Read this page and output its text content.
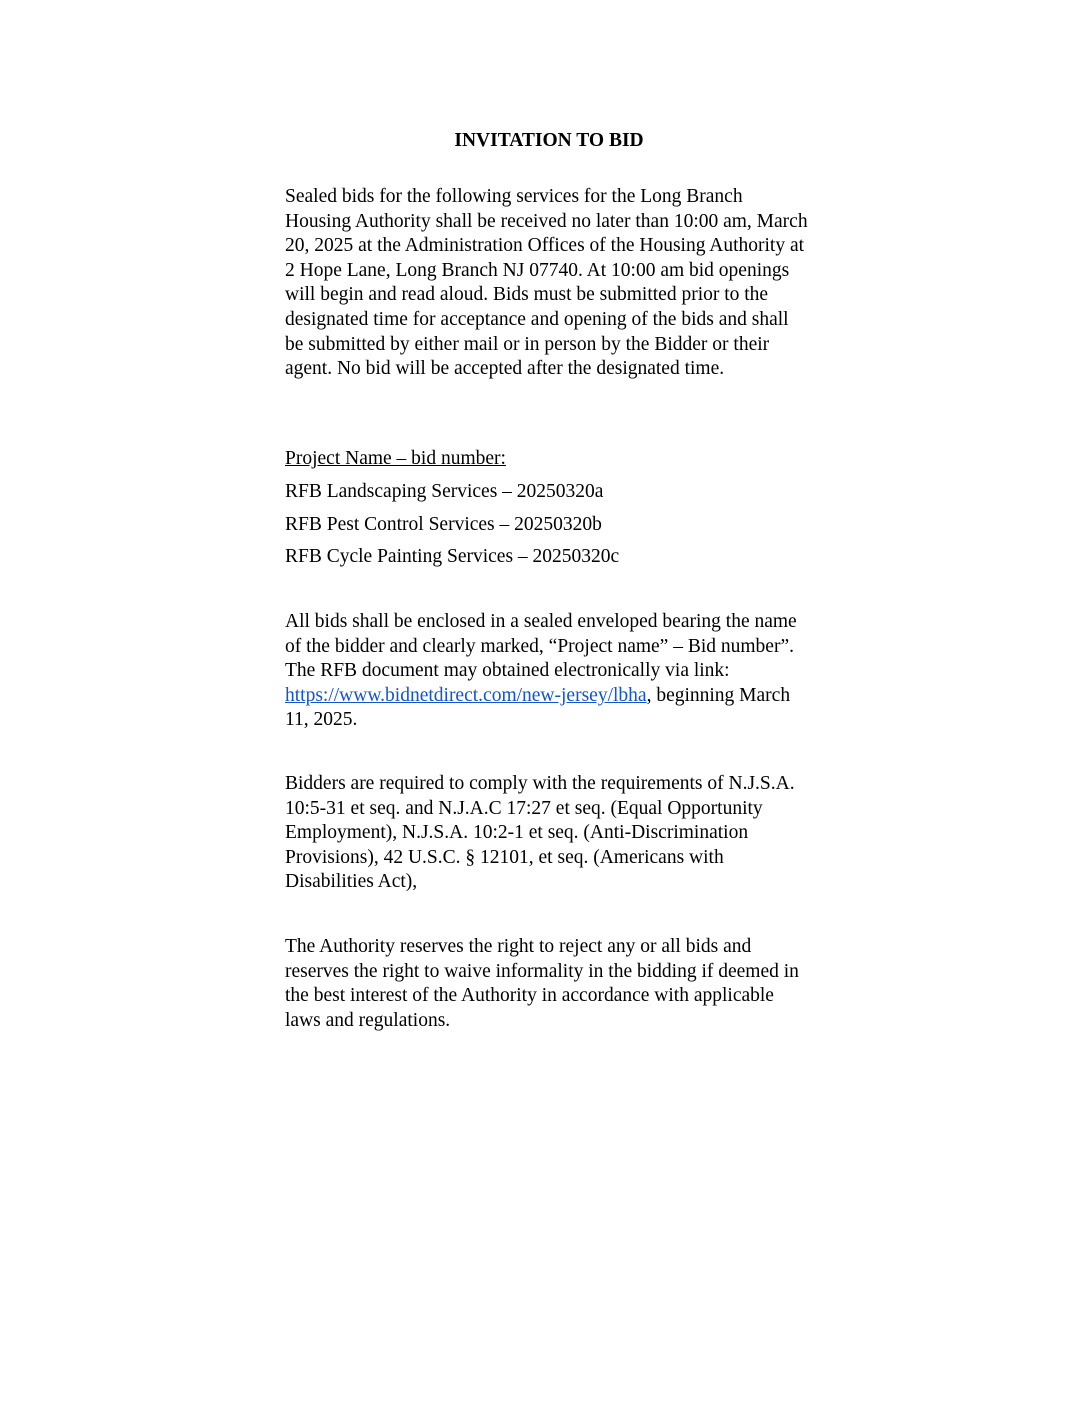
INVITATION TO BID

Sealed bids for the following services for the Long Branch Housing Authority shall be received no later than 10:00 am, March 20, 2025 at the Administration Offices of the Housing Authority at 2 Hope Lane, Long Branch NJ 07740. At 10:00 am bid openings will begin and read aloud. Bids must be submitted prior to the designated time for acceptance and opening of the bids and shall be submitted by either mail or in person by the Bidder or their agent. No bid will be accepted after the designated time.

Project Name – bid number:

RFB Landscaping Services – 20250320a
RFB Pest Control Services – 20250320b
RFB Cycle Painting Services – 20250320c

All bids shall be enclosed in a sealed enveloped bearing the name of the bidder and clearly marked, “Project name” – Bid number”. The RFB document may obtained electronically via link: https://www.bidnetdirect.com/new-jersey/lbha, beginning March 11, 2025.

Bidders are required to comply with the requirements of N.J.S.A. 10:5-31 et seq. and N.J.A.C 17:27 et seq. (Equal Opportunity Employment), N.J.S.A. 10:2-1 et seq. (Anti-Discrimination Provisions), 42 U.S.C. § 12101, et seq. (Americans with Disabilities Act),

The Authority reserves the right to reject any or all bids and reserves the right to waive informality in the bidding if deemed in the best interest of the Authority in accordance with applicable laws and regulations.
